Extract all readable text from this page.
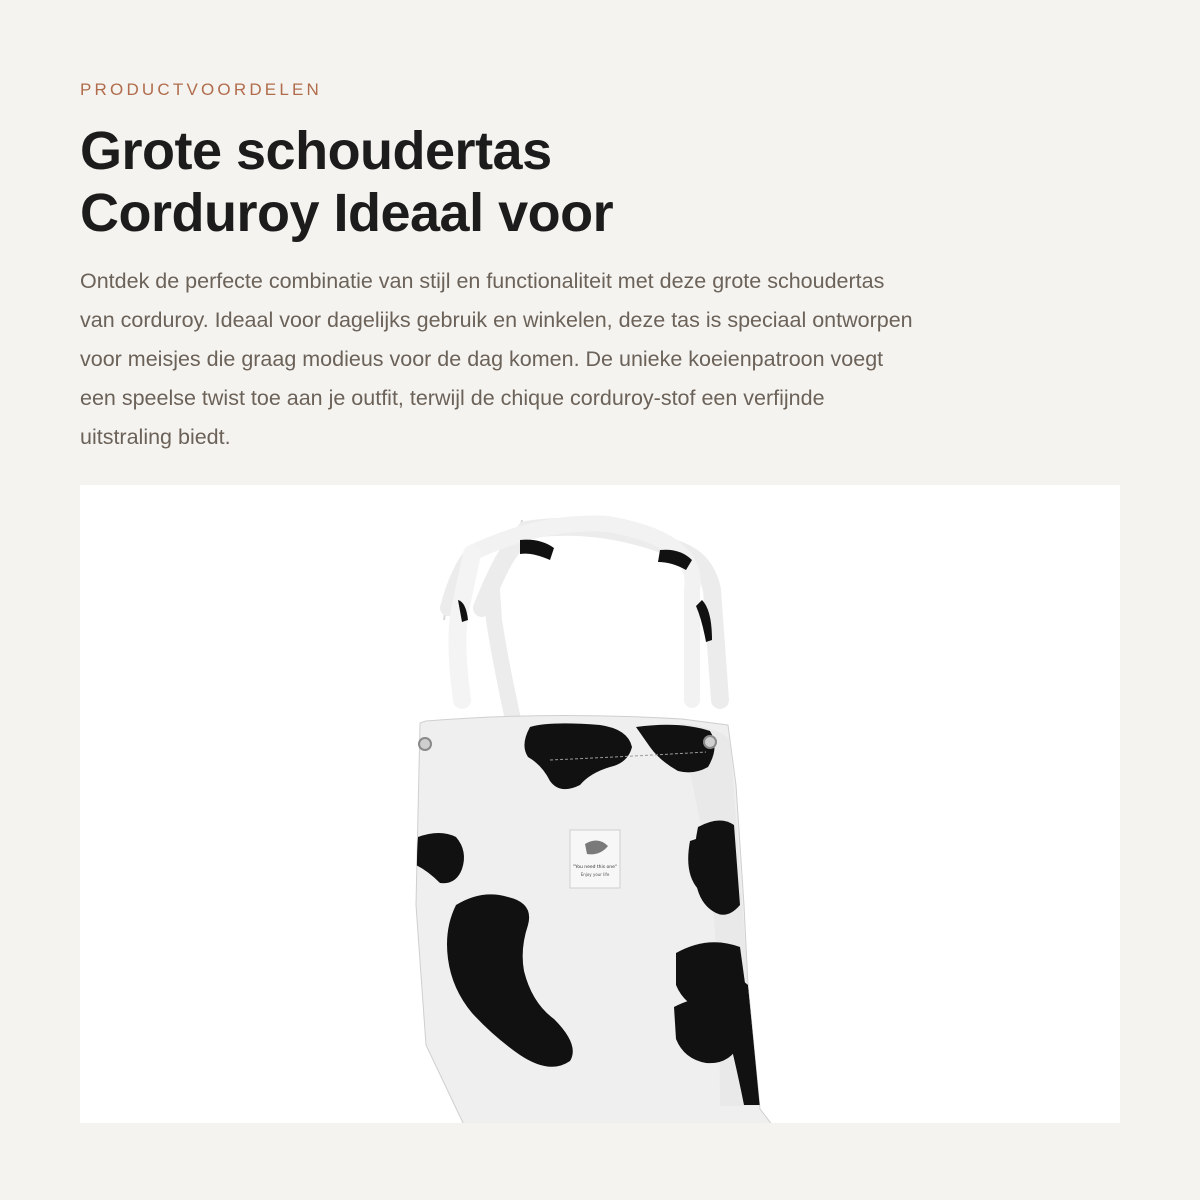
PRODUCTVOORDELEN
Grote schoudertas
Corduroy Ideaal voor

Ontdek de perfecte combinatie van stijl en functionaliteit met deze grote schoudertas
van corduroy. Ideaal voor dagelijks gebruik en winkelen, deze tas is speciaal ontworpen
voor meisjes die graag modieus voor de dag komen. De unieke koeienpatroon voegt
een speelse twist toe aan je outfit, terwijl de chique corduroy-stof een verfijnde
uitstraling biedt.

"You need this one"
Enjoy your life
